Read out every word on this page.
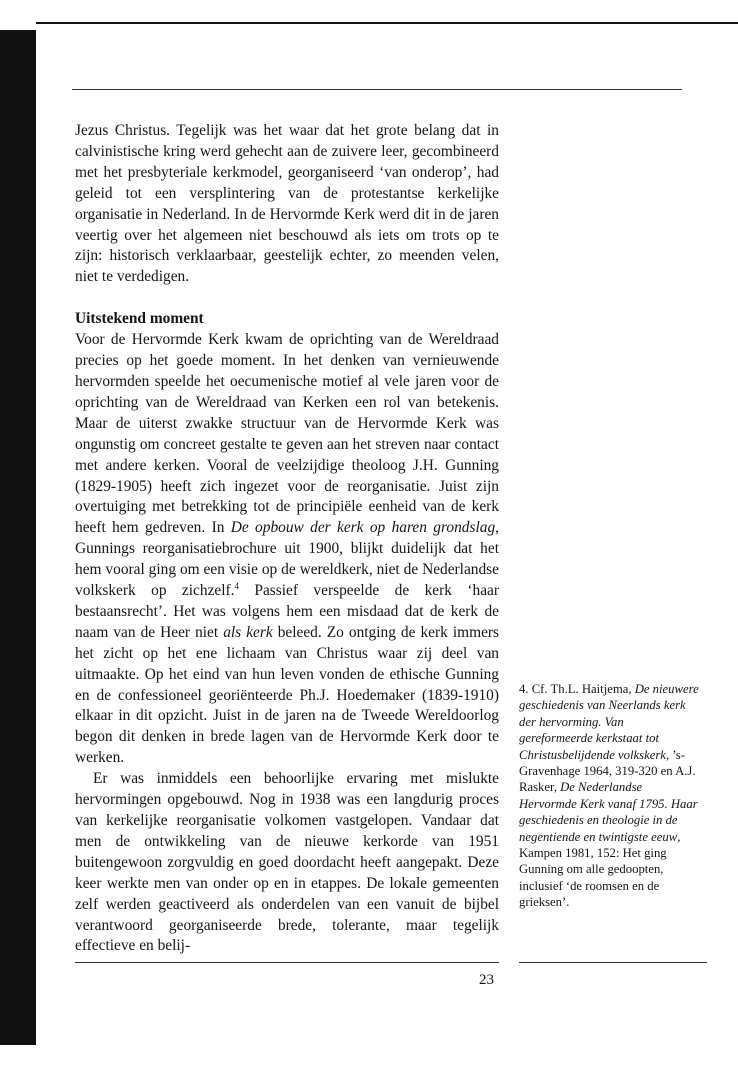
Jezus Christus. Tegelijk was het waar dat het grote belang dat in calvinistische kring werd gehecht aan de zuivere leer, gecombineerd met het presbyteriale kerkmodel, georganiseerd ‘van onderop’, had geleid tot een versplintering van de protestantse kerkelijke organisatie in Nederland. In de Hervormde Kerk werd dit in de jaren veertig over het algemeen niet beschouwd als iets om trots op te zijn: historisch verklaarbaar, geestelijk echter, zo meenden velen, niet te verdedigen.

Uitstekend moment

Voor de Hervormde Kerk kwam de oprichting van de Wereldraad precies op het goede moment. In het denken van vernieuwende hervormden speelde het oecumenische motief al vele jaren voor de oprichting van de Wereldraad van Kerken een rol van betekenis. Maar de uiterst zwakke structuur van de Hervormde Kerk was ongunstig om concreet gestalte te geven aan het streven naar contact met andere kerken. Vooral de veelzijdige theoloog J.H. Gunning (1829-1905) heeft zich ingezet voor de reorganisatie. Juist zijn overtuiging met betrekking tot de principiële eenheid van de kerk heeft hem gedreven. In De opbouw der kerk op haren grondslag, Gunnings reorganisatiebrochure uit 1900, blijkt duidelijk dat het hem vooral ging om een visie op de wereldkerk, niet de Nederlandse volkskerk op zichzelf.$^4$ Passief verspeelde de kerk ‘haar bestaansrecht’. Het was volgens hem een misdaad dat de kerk de naam van de Heer niet als kerk beleed. Zo ontging de kerk immers het zicht op het ene lichaam van Christus waar zij deel van uitmaakte. Op het eind van hun leven vonden de ethische Gunning en de confessioneel georiënteerde Ph.J. Hoedemaker (1839-1910) elkaar in dit opzicht. Juist in de jaren na de Tweede Wereldoorlog begon dit denken in brede lagen van de Hervormde Kerk door te werken.

Er was inmiddels een behoorlijke ervaring met mislukte hervormingen opgebouwd. Nog in 1938 was een langdurig proces van kerkelijke reorganisatie volkomen vastgelopen. Vandaar dat men de ontwikkeling van de nieuwe kerkorde van 1951 buitengewoon zorgvuldig en goed doordacht heeft aangepakt. Deze keer werkte men van onder op en in etappes. De lokale gemeenten zelf werden geactiveerd als onderdelen van een vanuit de bijbel verantwoord georganiseerde brede, tolerante, maar tegelijk effectieve en belij-

4. Cf. Th.L. Haitjema, De nieuwere geschiedenis van Neerlands kerk der hervorming. Van gereformeerde kerkstaat tot Christusbelijdende volkskerk, ’s-Gravenhage 1964, 319-320 en A.J. Rasker, De Nederlandse Hervormde Kerk vanaf 1795. Haar geschiedenis en theologie in de negentiende en twintigste eeuw, Kampen 1981, 152: Het ging Gunning om alle gedoopten, inclusief ‘de roomsen en de grieksen’.
23
